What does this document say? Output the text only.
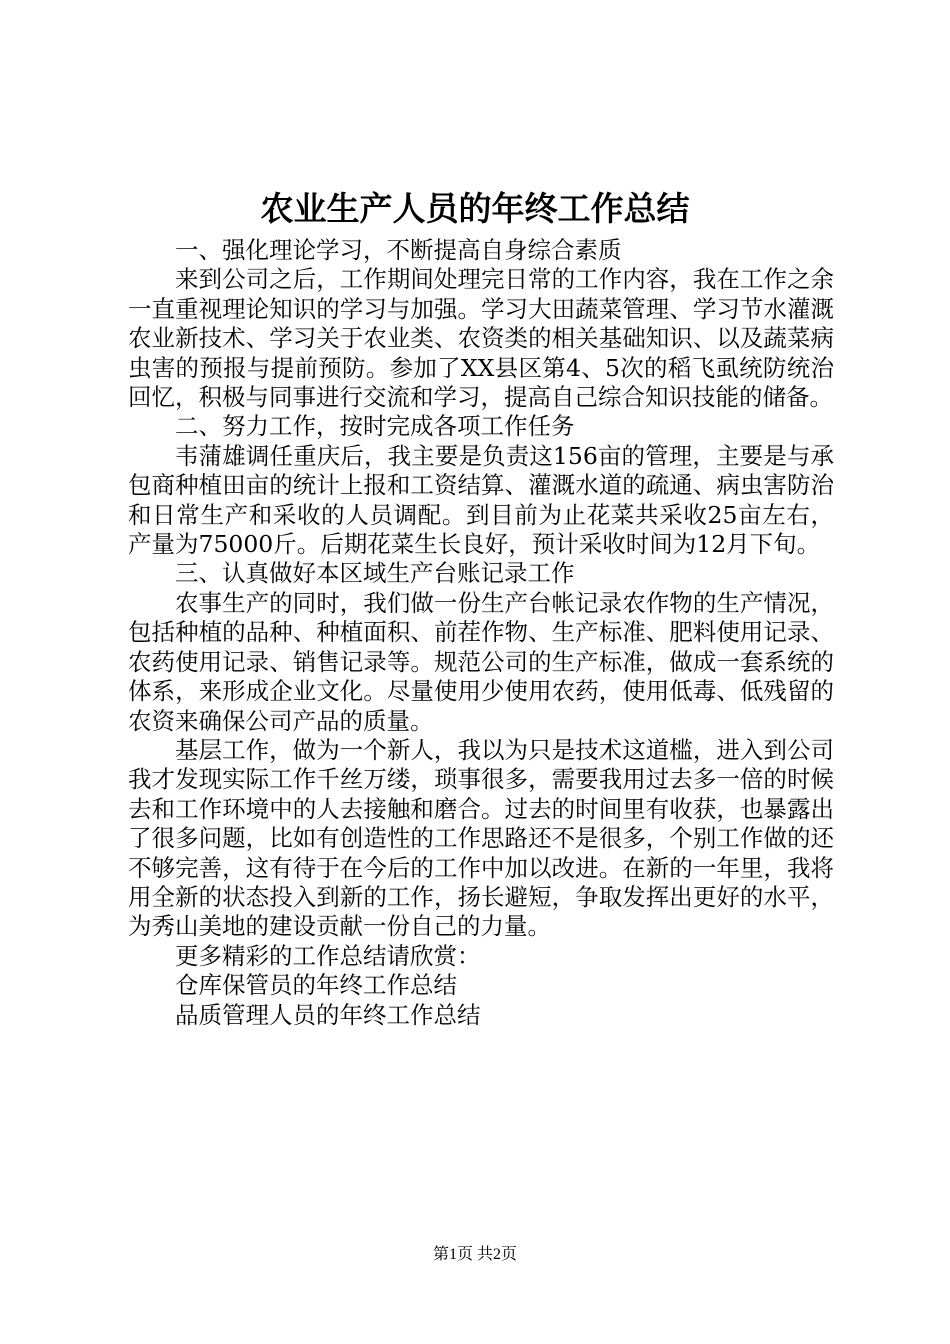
农业生产人员的年终工作总结

一、强化理论学习，不断提高自身综合素质

来到公司之后，工作期间处理完日常的工作内容，我在工作之余一直重视理论知识的学习与加强。学习大田蔬菜管理、学习节水灌溉农业新技术、学习关于农业类、农资类的相关基础知识、以及蔬菜病虫害的预报与提前预防。参加了XX县区第4、5次的稻飞虱统防统治回忆，积极与同事进行交流和学习，提高自己综合知识技能的储备。

二、努力工作，按时完成各项工作任务

韦蒲雄调任重庆后，我主要是负责这156亩的管理，主要是与承包商种植田亩的统计上报和工资结算、灌溉水道的疏通、病虫害防治和日常生产和采收的人员调配。到目前为止花菜共采收25亩左右，产量为75000斤。后期花菜生长良好，预计采收时间为12月下旬。

三、认真做好本区域生产台账记录工作

农事生产的同时，我们做一份生产台帐记录农作物的生产情况，包括种植的品种、种植面积、前茬作物、生产标准、肥料使用记录、农药使用记录、销售记录等。规范公司的生产标准，做成一套系统的体系，来形成企业文化。尽量使用少使用农药，使用低毒、低残留的农资来确保公司产品的质量。

基层工作，做为一个新人，我以为只是技术这道槛，进入到公司我才发现实际工作千丝万缕，琐事很多，需要我用过去多一倍的时候去和工作环境中的人去接触和磨合。过去的时间里有收获，也暴露出了很多问题，比如有创造性的工作思路还不是很多，个别工作做的还不够完善，这有待于在今后的工作中加以改进。在新的一年里，我将用全新的状态投入到新的工作，扬长避短，争取发挥出更好的水平，为秀山美地的建设贡献一份自己的力量。

更多精彩的工作总结请欣赏：

仓库保管员的年终工作总结

品质管理人员的年终工作总结

第1页 共2页
